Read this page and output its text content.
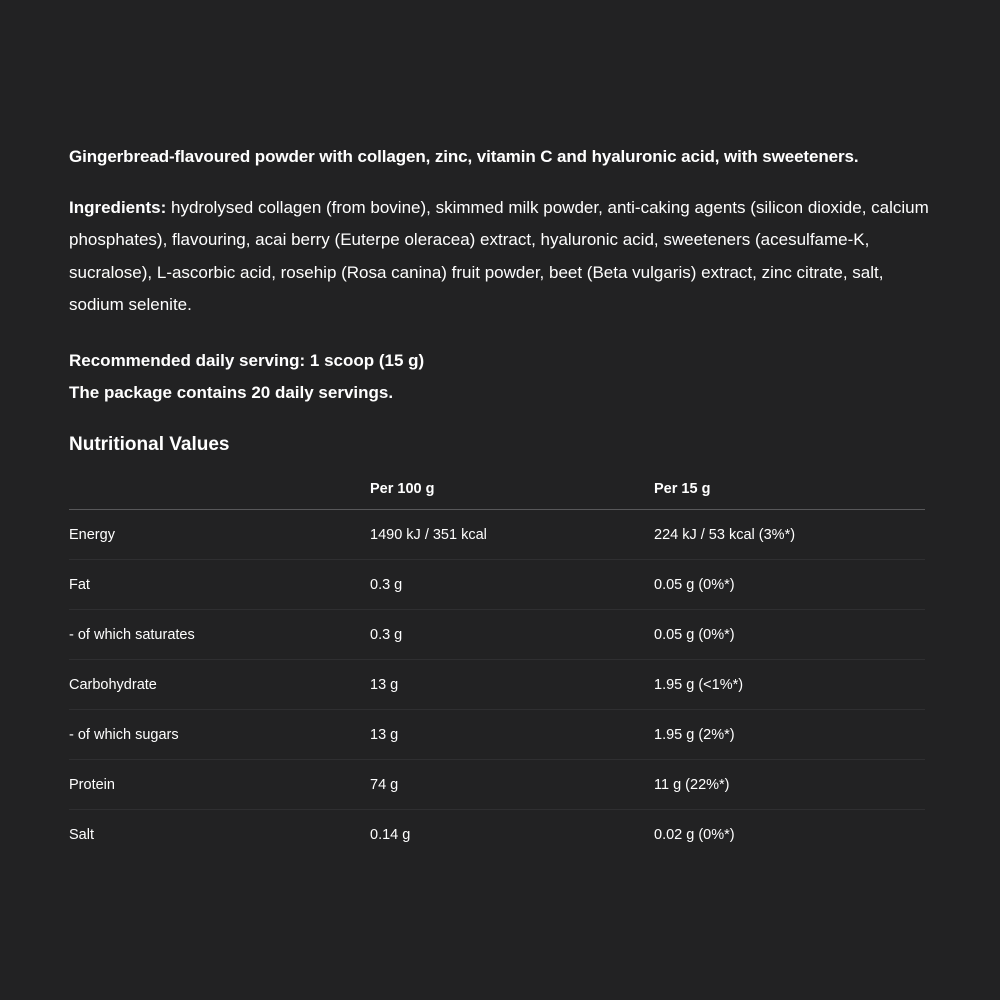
Gingerbread-flavoured powder with collagen, zinc, vitamin C and hyaluronic acid, with sweeteners.

Ingredients: hydrolysed collagen (from bovine), skimmed milk powder, anti-caking agents (silicon dioxide, calcium phosphates), flavouring, acai berry (Euterpe oleracea) extract, hyaluronic acid, sweeteners (acesulfame-K, sucralose), L-ascorbic acid, rosehip (Rosa canina) fruit powder, beet (Beta vulgaris) extract, zinc citrate, salt, sodium selenite.

Recommended daily serving: 1 scoop (15 g)
The package contains 20 daily servings.
Nutritional Values
	Per 100 g	Per 15 g
Energy	1490 kJ / 351 kcal	224 kJ / 53 kcal (3%*)
Fat	0.3 g	0.05 g (0%*)
- of which saturates	0.3 g	0.05 g (0%*)
Carbohydrate	13 g	1.95 g (<1%*)
- of which sugars	13 g	1.95 g (2%*)
Protein	74 g	11 g (22%*)
Salt	0.14 g	0.02 g (0%*)
